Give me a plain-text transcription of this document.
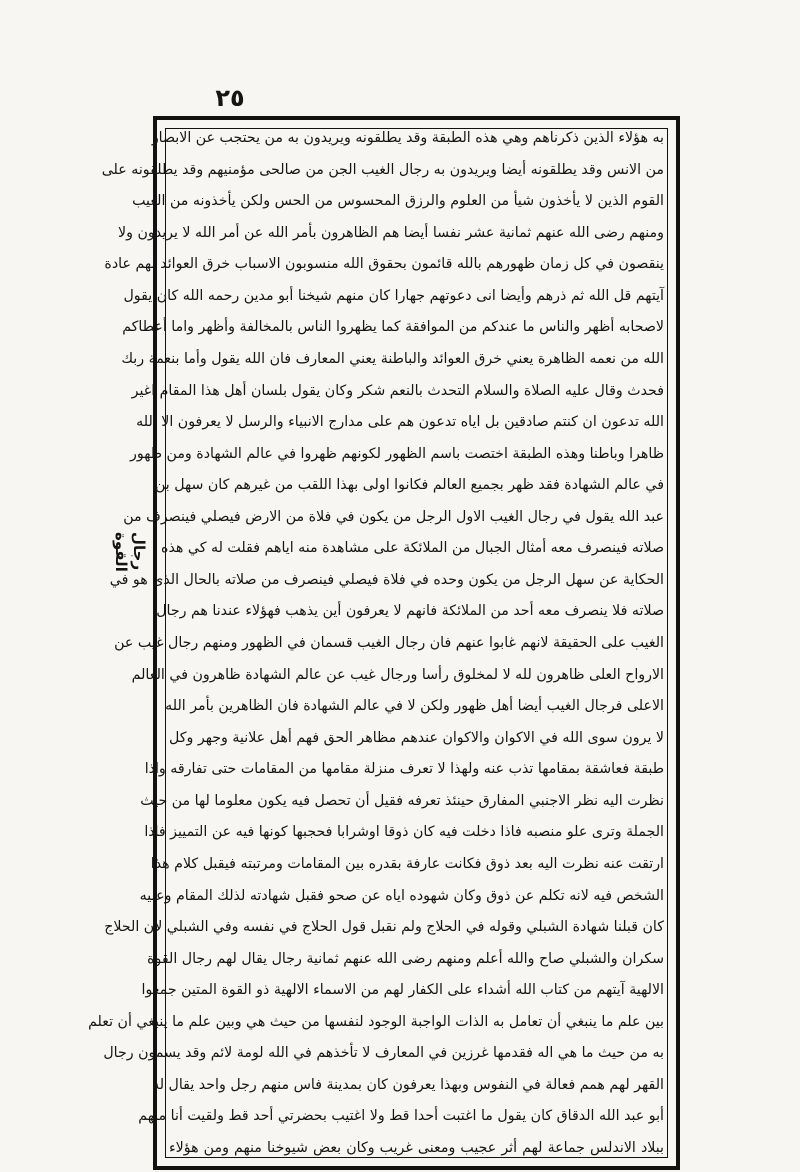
٢٥
رجال القوة
به هؤلاء الذين ذكرناهم وهي هذه الطبقة وقد يطلقونه ويريدون به من يحتجب عن الابصار
من الانس وقد يطلقونه أيضا ويريدون به رجال الغيب الجن من صالحى مؤمنيهم وقد يطلقونه على
القوم الذين لا يأخذون شيأ من العلوم والرزق المحسوس من الحس ولكن يأخذونه من الغيب
ومنهم رضى الله عنهم ثمانية عشر نفسا أيضا هم الظاهرون بأمر الله عن أمر الله لا يريدون ولا
ينقصون في كل زمان ظهورهم بالله قائمون بحقوق الله منسوبون الاسباب خرق العوائد لهم عادة
آيتهم قل الله ثم ذرهم وأيضا انى دعوتهم جهارا كان منهم شيخنا أبو مدين رحمه الله كان يقول
لاصحابه أظهر والناس ما عندكم من الموافقة كما يظهروا الناس بالمخالفة وأظهر واما أعطاكم
الله من نعمه الظاهرة يعني خرق العوائد والباطنة يعني المعارف فان الله يقول وأما بنعمة ربك
فحدث وقال عليه الصلاة والسلام التحدث بالنعم شكر وكان يقول بلسان أهل هذا المقام اغير
الله تدعون ان كنتم صادقين بل اياه تدعون هم على مدارج الانبياء والرسل لا يعرفون الا الله
ظاهرا وباطنا وهذه الطبقة اختصت باسم الظهور لكونهم ظهروا في عالم الشهادة ومن ظهور
في عالم الشهادة فقد ظهر بجميع العالم فكانوا اولى بهذا اللقب من غيرهم كان سهل بن
عبد الله يقول في رجال الغيب الاول الرجل من يكون في فلاة من الارض فيصلي فينصرف من
صلاته فينصرف معه أمثال الجبال من الملائكة على مشاهدة منه اياهم فقلت له كي هذه
الحكاية عن سهل الرجل من يكون وحده في فلاة فيصلي فينصرف من صلاته بالحال الذى هو في
صلاته فلا ينصرف معه أحد من الملائكة فانهم لا يعرفون أين يذهب فهؤلاء عندنا هم رجال
الغيب على الحقيقة لانهم غابوا عنهم فان رجال الغيب قسمان في الظهور ومنهم رجال غيب عن
الارواح العلى ظاهرون لله لا لمخلوق رأسا ورجال غيب عن عالم الشهادة ظاهرون في العالم
الاعلى فرجال الغيب أيضا أهل ظهور ولكن لا في عالم الشهادة فان الظاهرين بأمر الله
لا يرون سوى الله في الاكوان والاكوان عندهم مظاهر الحق فهم أهل علانية وجهر وكل
طبقة فعاشقة بمقامها تذب عنه ولهذا لا تعرف منزلة مقامها من المقامات حتى تفارقه واذا
نظرت اليه نظر الاجنبي المفارق حينئذ تعرفه فقيل أن تحصل فيه يكون معلوما لها من حيث
الجملة وترى علو منصبه فاذا دخلت فيه كان ذوقا اوشرابا فحجبها كونها فيه عن التمييز فاذا
ارتقت عنه نظرت اليه بعد ذوق فكانت عارفة بقدره بين المقامات ومرتبته فيقبل كلام هذا
الشخص فيه لانه تكلم عن ذوق وكان شهوده اياه عن صحو فقبل شهادته لذلك المقام وعليه
كان قبلنا شهادة الشبلي وقوله في الحلاج ولم نقبل قول الحلاج في نفسه وفي الشبلي لان الحلاج
سكران والشبلي صاح والله أعلم ومنهم رضى الله عنهم ثمانية رجال يقال لهم رجال القوة
الالهية آيتهم من كتاب الله أشداء على الكفار لهم من الاسماء الالهية ذو القوة المتين جمعوا
بين علم ما ينبغي أن تعامل به الذات الواجبة الوجود لنفسها من حيث هي وبين علم ما ينبغي أن تعلم
به من حيث ما هي اله فقدمها غرزين في المعارف لا تأخذهم في الله لومة لائم وقد يسمون رجال
القهر لهم همم فعالة في النفوس وبهذا يعرفون كان بمدينة فاس منهم رجل واحد يقال له
أبو عبد الله الدقاق كان يقول ما اغتبت أحدا قط ولا اغتيب بحضرتي أحد قط ولقيت أنا منهم
ببلاد الاندلس جماعة لهم أثر عجيب ومعنى غريب وكان بعض شيوخنا منهم ومن هؤلاء
